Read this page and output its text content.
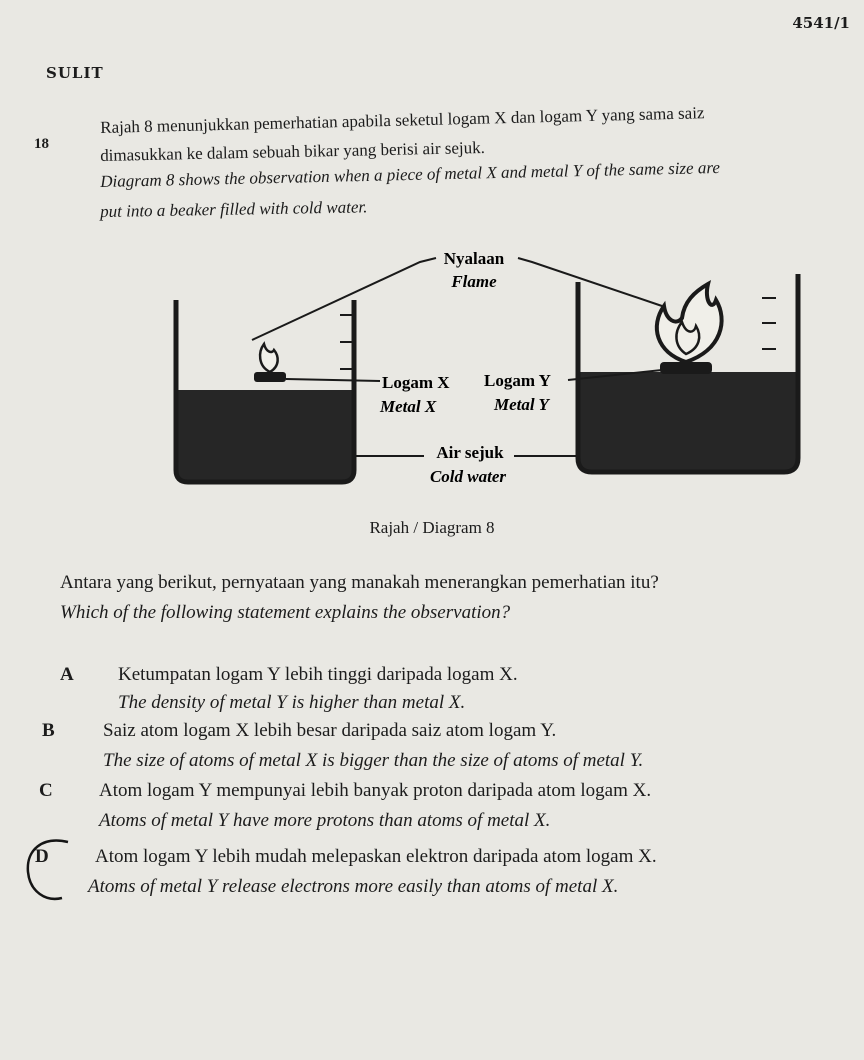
4541/1
SULIT
18
Rajah 8 menunjukkan pemerhatian apabila seketul logam X dan logam Y yang sama saiz
dimasukkan ke dalam sebuah bikar yang berisi air sejuk.
Diagram 8 shows the observation when a piece of metal X and metal Y of the same size are
put into a beaker filled with cold water.
Nyalaan
Flame
Logam X
Metal X
Logam Y
Metal Y
Air sejuk
Cold water
Rajah / Diagram 8
Antara yang berikut, pernyataan yang manakah menerangkan pemerhatian itu?
Which of the following statement explains the observation?
A Ketumpatan logam Y lebih tinggi daripada logam X.
The density of metal Y is higher than metal X.
B	Saiz atom logam X lebih besar daripada saiz atom logam Y.
The size of atoms of metal X is bigger than the size of atoms of metal Y.
C Atom logam Y mempunyai lebih banyak proton daripada atom logam X.
Atoms of metal Y have more protons than atoms of metal X.
D Atom logam Y lebih mudah melepaskan elektron daripada atom logam X.
Atoms of metal Y release electrons more easily than atoms of metal X.
